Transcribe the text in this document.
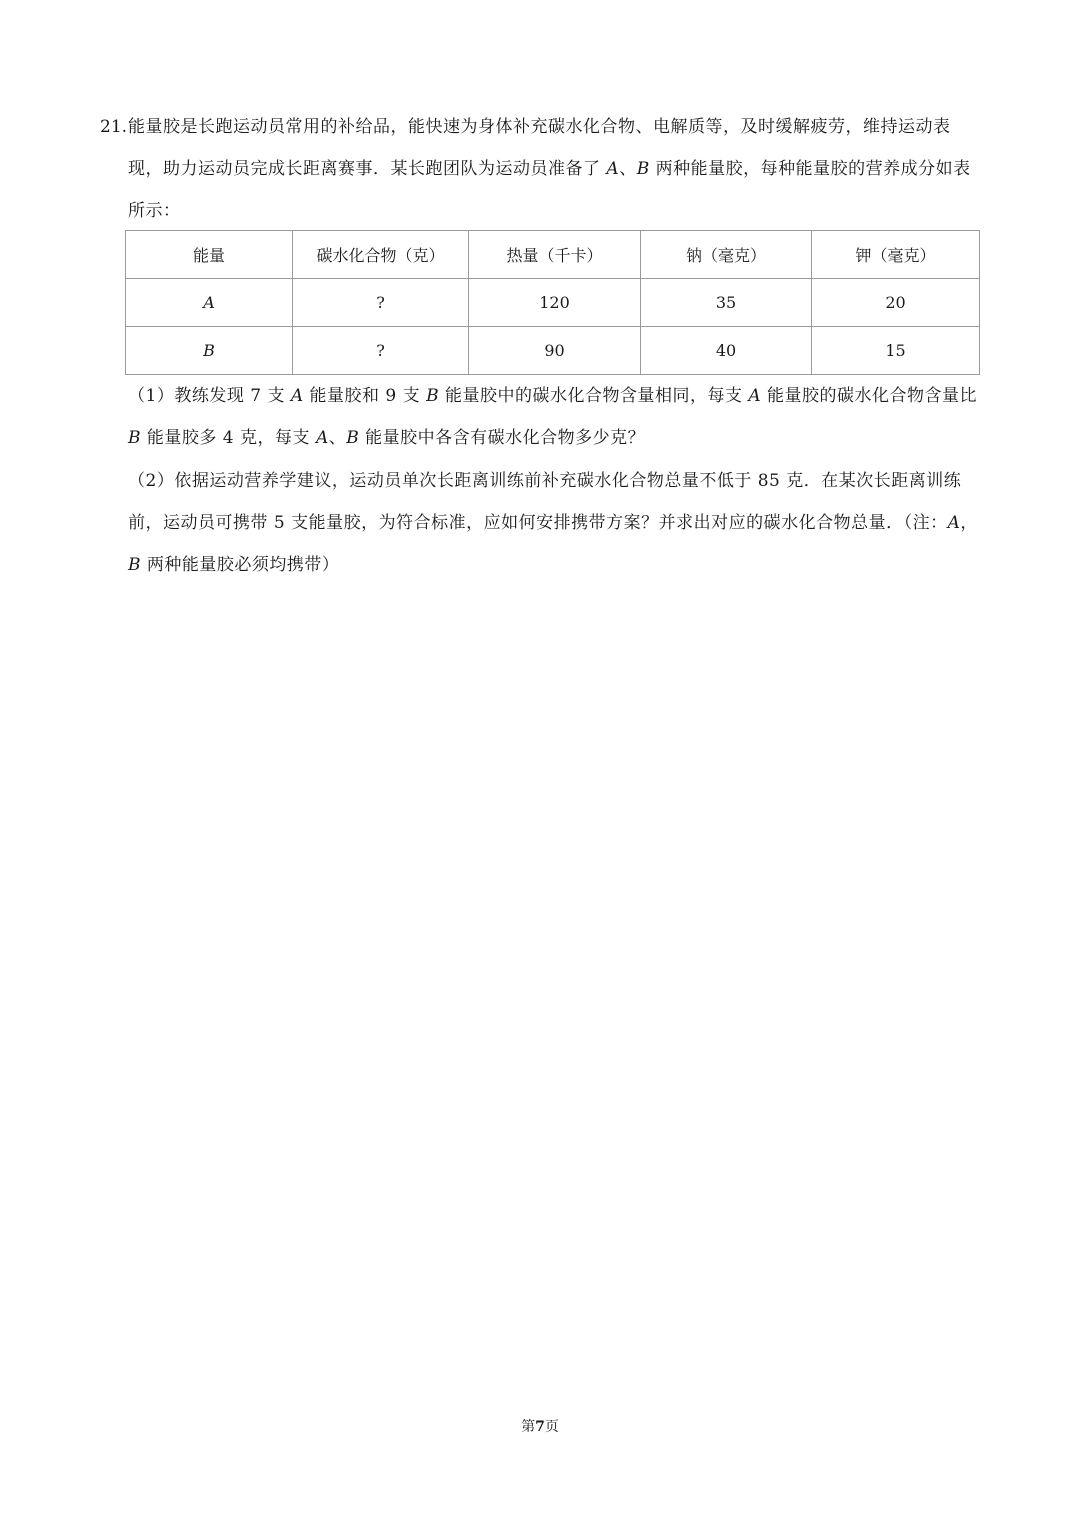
21. 能量胶是长跑运动员常用的补给品，能快速为身体补充碳水化合物、电解质等，及时缓解疲劳，维持运动表现，助力运动员完成长距离赛事．某长跑团队为运动员准备了 A、B 两种能量胶，每种能量胶的营养成分如表所示：
能量	碳水化合物（克）	热量（千卡）	钠（毫克）	钾（毫克）
A	?	120	35	20
B	?	90	40	15
（1）教练发现 7 支 A 能量胶和 9 支 B 能量胶中的碳水化合物含量相同，每支 A 能量胶的碳水化合物含量比 B 能量胶多 4 克，每支 A、B 能量胶中各含有碳水化合物多少克？
（2）依据运动营养学建议，运动员单次长距离训练前补充碳水化合物总量不低于 85 克．在某次长距离训练前，运动员可携带 5 支能量胶，为符合标准，应如何安排携带方案？并求出对应的碳水化合物总量．（注：A，B 两种能量胶必须均携带）
第7页
